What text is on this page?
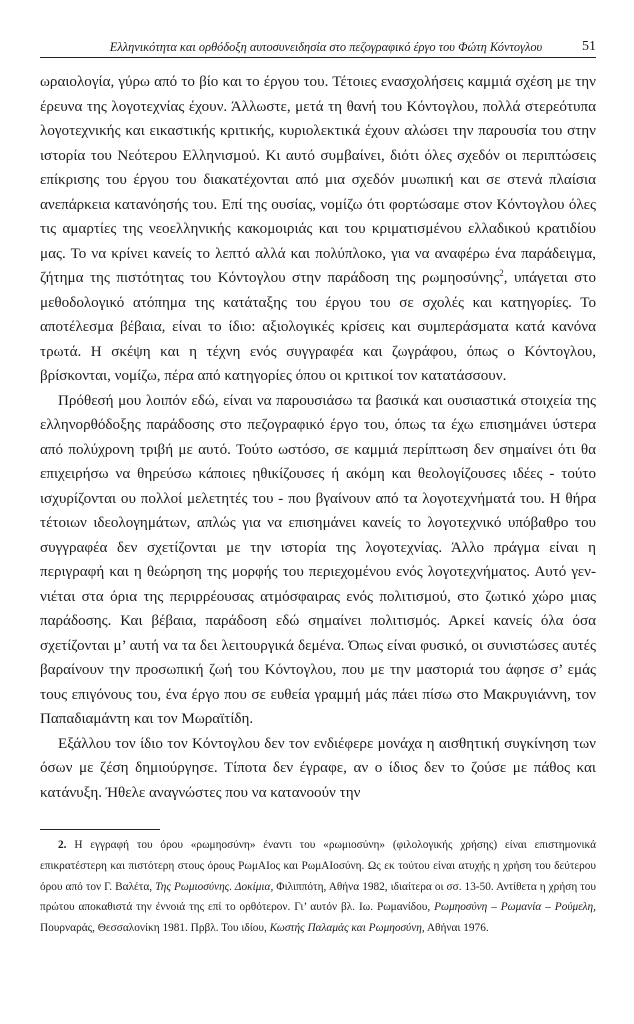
Ελληνικότητα και ορθόδοξη αυτοσυνειδησία στο πεζογραφικό έργο του Φώτη Κόντογλου	51

ωραιολογία, γύρω από το βίο και το έργου του. Τέτοιες ενασχολήσεις καμμιά σχέση με την έρευνα της λογοτεχνίας έχουν. Άλλωστε, μετά τη θανή του Κόντογλου, πολλά στερεότυπα λογοτεχνικής και εικαστικής κριτικής, κυριολεκτικά έχουν αλώσει την παρουσία του στην ιστορία του Νεότερου Ελληνισμού. Κι αυτό συμβαίνει, διότι όλες σχεδόν οι περιπτώσεις επίκρισης του έργου του διακατέχονται από μια σχεδόν μυωπική και σε στενά πλαίσια ανεπάρκεια κατανόησής του. Επί της ουσίας, νομίζω ότι φορτώσαμε στον Κόντογλου όλες τις αμαρτίες της νεοελληνικής κακομοιριάς και του κριματισμένου ελλαδικού κρατιδίου μας. Το να κρίνει κανείς το λεπτό αλλά και πολύπλοκο, για να αναφέρω ένα παράδειγμα, ζήτημα της πιστότητας του Κόντογλου στην παράδοση της ρωμηοσύνης$^2$, υπάγεται στο μεθοδολογικό ατόπημα της κατάταξης του έργου του σε σχολές και κατηγορίες. Το αποτέλεσμα βέβαια, είναι το ίδιο: αξιολογικές κρίσεις και συμπεράσματα κατά κανόνα τρωτά. Η σκέψη και η τέχνη ενός συγγραφέα και ζωγράφου, όπως ο Κόντογλου, βρίσκονται, νομίζω, πέρα από κατηγορίες όπου οι κριτικοί τον κατατάσσουν.

Πρόθεσή μου λοιπόν εδώ, είναι να παρουσιάσω τα βασικά και ουσιαστικά στοιχεία της ελληνορθόδοξης παράδοσης στο πεζογραφικό έργο του, όπως τα έχω επισημάνει ύστερα από πολύχρονη τριβή με αυτό. Τούτο ωστόσο, σε καμμιά περίπτωση δεν σημαίνει ότι θα επιχειρήσω να θηρεύσω κάποιες ηθικίζουσες ή ακόμη και θεολογίζουσες ιδέες - τούτο ισχυρίζονται ου πολλοί μελετητές του - που βγαίνουν από τα λογοτεχνήματά του. Η θήρα τέτοιων ιδεολογημάτων, απλώς για να επισημάνει κανείς το λογοτεχνικό υπόβαθρο του συγγραφέα δεν σχετίζονται με την ιστορία της λογοτεχνίας. Άλλο πράγμα είναι η περιγραφή και η θεώρηση της μορφής του περιεχομένου ενός λογοτεχνήματος. Αυτό γεννιέται στα όρια της περιρρέουσας ατμόσφαιρας ενός πολιτισμού, στο ζωτικό χώρο μιας παράδοσης. Και βέβαια, παράδοση εδώ σημαίνει πολιτισμός. Αρκεί κανείς όλα όσα σχετίζονται μ’ αυτή να τα δει λειτουργικά δεμένα. Όπως είναι φυσικό, οι συνιστώσες αυτές βαραίνουν την προσωπική ζωή του Κόντογλου, που με την μαστοριά του άφησε σ’ εμάς τους επιγόνους του, ένα έργο που σε ευθεία γραμμή μάς πάει πίσω στο Μακρυγιάννη, τον Παπαδιαμάντη και τον Μωραϊτίδη.

Εξάλλου τον ίδιο τον Κόντογλου δεν τον ενδιέφερε μονάχα η αισθητική συγκίνηση των όσων με ζέση δημιούργησε. Τίποτα δεν έγραφε, αν ο ίδιος δεν το ζούσε με πάθος και κατάνυξη. Ήθελε αναγνώστες που να κατανοούν την

2. Η εγγραφή του όρου «ρωμηοσύνη» έναντι του «ρωμιοσύνη» (φιλολογικής χρήσης) είναι επιστημονικά επικρατέστερη και πιστότερη στους όρους ΡωμΑΙος και ΡωμΑΙοσύνη. Ως εκ τούτου είναι ατυχής η χρήση του δεύτερου όρου από τον Γ. Βαλέτα, Της Ρωμιοσύνης. Δοκίμια, Φιλιππότη, Αθήνα 1982, ιδιαίτερα οι σσ. 13-50. Αντίθετα η χρήση του πρώτου αποκαθιστά την έννοιά της επί το ορθότερον. Γι’ αυτόν βλ. Ιω. Ρωμανίδου, Ρωμηοσύνη – Ρωμανία – Ρούμελη, Πουρναράς, Θεσσαλονίκη 1981. Πρβλ. Του ιδίου, Κωστής Παλαμάς και Ρωμηοσύνη, Αθήναι 1976.
